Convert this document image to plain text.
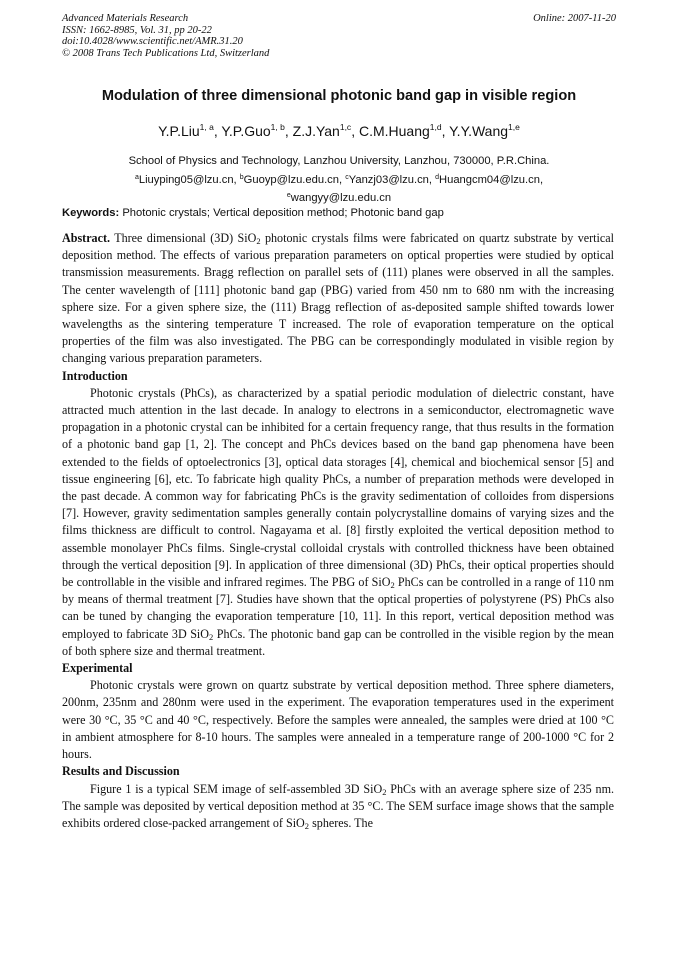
Advanced Materials Research
ISSN: 1662-8985, Vol. 31, pp 20-22
doi:10.4028/www.scientific.net/AMR.31.20
© 2008 Trans Tech Publications Ltd, Switzerland
Online: 2007-11-20
Modulation of three dimensional photonic band gap in visible region
Y.P.Liu$^{1, a}$, Y.P.Guo$^{1, b}$, Z.J.Yan$^{1,c}$, C.M.Huang$^{1,d}$, Y.Y.Wang$^{1,e}$
School of Physics and Technology, Lanzhou University, Lanzhou, 730000, P.R.China.
$^a$Liuyping05@lzu.cn, $^b$Guoyp@lzu.edu.cn, $^c$Yanzj03@lzu.cn, $^d$Huangcm04@lzu.cn,
$^e$wangyy@lzu.edu.cn
Keywords: Photonic crystals; Vertical deposition method; Photonic band gap

Abstract. Three dimensional (3D) SiO$_2$ photonic crystals films were fabricated on quartz substrate by vertical deposition method. The effects of various preparation parameters on optical properties were studied by optical transmission measurements. Bragg reflection on parallel sets of (111) planes were observed in all the samples. The center wavelength of [111] photonic band gap (PBG) varied from 450 nm to 680 nm with the increasing sphere size. For a given sphere size, the (111) Bragg reflection of as-deposited sample shifted towards lower wavelengths as the sintering temperature T increased. The role of evaporation temperature on the optical properties of the film was also investigated. The PBG can be correspondingly modulated in visible region by changing various preparation parameters.

Introduction

Photonic crystals (PhCs), as characterized by a spatial periodic modulation of dielectric constant, have attracted much attention in the last decade. In analogy to electrons in a semiconductor, electromagnetic wave propagation in a photonic crystal can be inhibited for a certain frequency range, that thus results in the formation of a photonic band gap [1, 2]. The concept and PhCs devices based on the band gap phenomena have been extended to the fields of optoelectronics [3], optical data storages [4], chemical and biochemical sensor [5] and tissue engineering [6], etc. To fabricate high quality PhCs, a number of preparation methods were developed in the past decade. A common way for fabricating PhCs is the gravity sedimentation of colloides from dispersions [7]. However, gravity sedimentation samples generally contain polycrystalline domains of varying sizes and the films thickness are difficult to control. Nagayama et al. [8] firstly exploited the vertical deposition method to assemble monolayer PhCs films. Single-crystal colloidal crystals with controlled thickness have been obtained through the vertical deposition [9]. In application of three dimensional (3D) PhCs, their optical properties should be controllable in the visible and infrared regimes. The PBG of SiO$_2$ PhCs can be controlled in a range of 110 nm by means of thermal treatment [7]. Studies have shown that the optical properties of polystyrene (PS) PhCs also can be tuned by changing the evaporation temperature [10, 11]. In this report, vertical deposition method was employed to fabricate 3D SiO$_2$ PhCs. The photonic band gap can be controlled in the visible region by the mean of both sphere size and thermal treatment.

Experimental

Photonic crystals were grown on quartz substrate by vertical deposition method. Three sphere diameters, 200nm, 235nm and 280nm were used in the experiment. The evaporation temperatures used in the experiment were 30 °C, 35 °C and 40 °C, respectively. Before the samples were annealed, the samples were dried at 100 °C in ambient atmosphere for 8-10 hours. The samples were annealed in a temperature range of 200-1000 °C for 2 hours.

Results and Discussion

Figure 1 is a typical SEM image of self-assembled 3D SiO$_2$ PhCs with an average sphere size of 235 nm. The sample was deposited by vertical deposition method at 35 °C. The SEM surface image shows that the sample exhibits ordered close-packed arrangement of SiO$_2$ spheres. The
